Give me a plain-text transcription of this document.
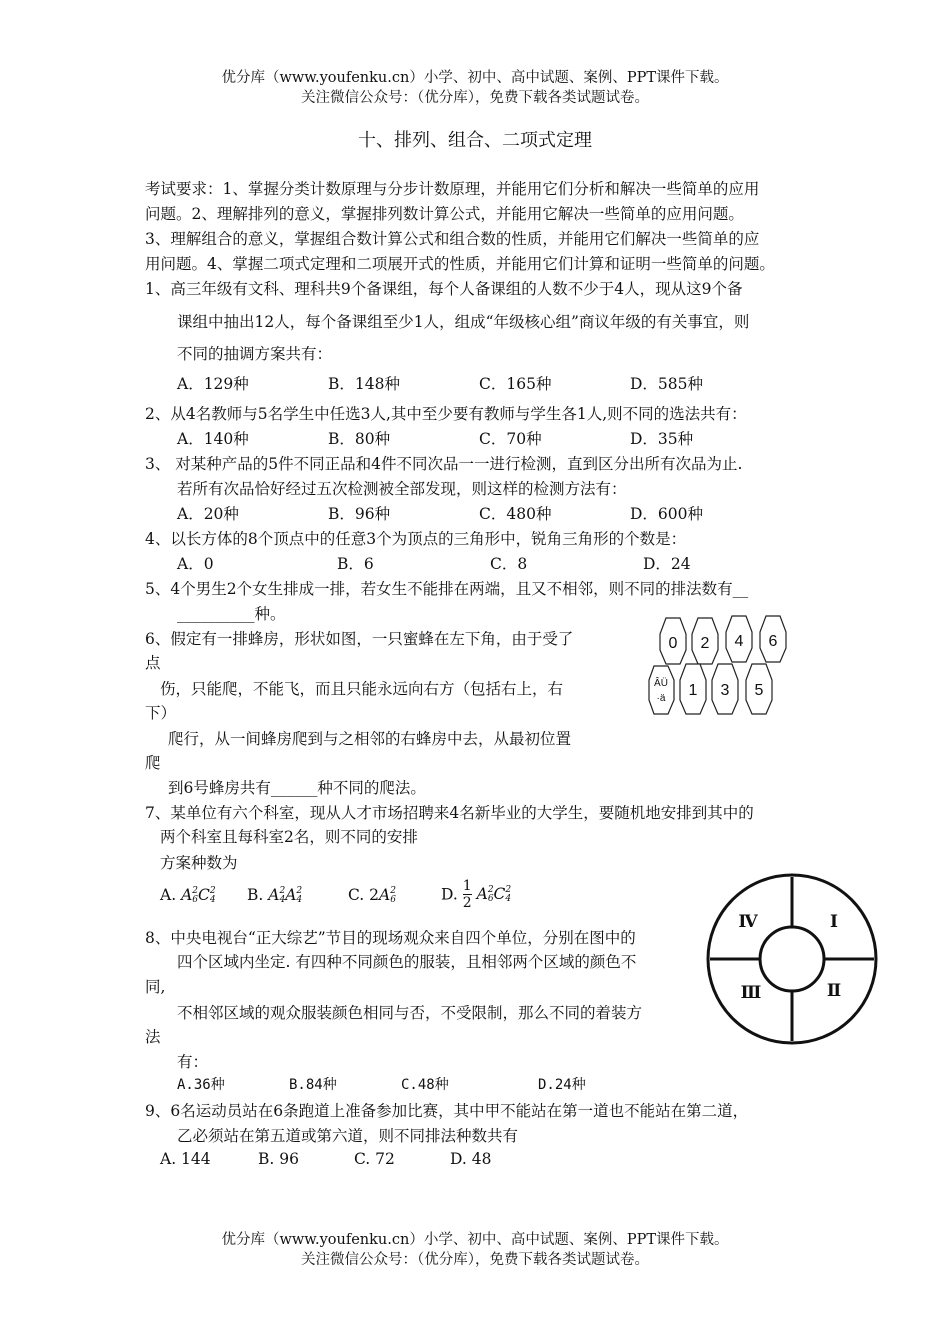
优分库（www.youfenku.cn）小学、初中、高中试题、案例、PPT课件下载。
关注微信公众号：（优分库），免费下载各类试题试卷。
十、排列、组合、二项式定理
考试要求：1、掌握分类计数原理与分步计数原理，并能用它们分析和解决一些简单的应用
问题。2、理解排列的意义，掌握排列数计算公式，并能用它解决一些简单的应用问题。
3、理解组合的意义，掌握组合数计算公式和组合数的性质，并能用它们解决一些简单的应
用问题。4、掌握二项式定理和二项展开式的性质，并能用它们计算和证明一些简单的问题。
1、高三年级有文科、理科共9个备课组，每个人备课组的人数不少于4人，现从这9个备
课组中抽出12人，每个备课组至少1人，组成“年级核心组”商议年级的有关事宜，则
不同的抽调方案共有：
A．129种	B．148种	C．165种	D．585种
2、从4名教师与5名学生中任选3人,其中至少要有教师与学生各1人,则不同的选法共有：
A．140种	B．80种	C．70种	D．35种
3、 对某种产品的5件不同正品和4件不同次品一一进行检测，直到区分出所有次品为止.
若所有次品恰好经过五次检测被全部发现，则这样的检测方法有：
A．20种	B．96种	C．480种	D．600种
4、以长方体的8个顶点中的任意3个为顶点的三角形中，锐角三角形的个数是：
A．0	B．6	C．8	D．24
5、4个男生2个女生排成一排，若女生不能排在两端，且又不相邻，则不同的排法数有__
__________种。
6、假定有一排蜂房，形状如图，一只蜜蜂在左下角，由于受了
点
伤，只能爬，不能飞，而且只能永远向右方（包括右上，右
下）
爬行，从一间蜂房爬到与之相邻的右蜂房中去，从最初位置
爬
到6号蜂房共有______种不同的爬法。
0 2 4 6
1 3 5
ÂÜ
·ä
7、某单位有六个科室，现从人才市场招聘来4名新毕业的大学生，要随机地安排到其中的
两个科室且每科室2名，则不同的安排
方案种数为
A. A 2
6 C 2
4 B. A 2
4 A 2
4	C. 2A 2
6	D. $\frac{1}{2}$ A 2
6 C 2
4
8、中央电视台“正大综艺”节目的现场观众来自四个单位，分别在图中的
四个区域内坐定. 有四种不同颜色的服装，且相邻两个区域的颜色不
同,
不相邻区域的观众服装颜色相同与否，不受限制，那么不同的着装方
法
有：
A.36种	B.84种	C.48种	D.24种
Ⅳ	Ⅰ
Ⅲ	Ⅱ
9、6名运动员站在6条跑道上准备参加比赛，其中甲不能站在第一道也不能站在第二道，
乙必须站在第五道或第六道，则不同排法种数共有
A. 144	B. 96	C. 72	D. 48
优分库（www.youfenku.cn）小学、初中、高中试题、案例、PPT课件下载。
关注微信公众号：（优分库），免费下载各类试题试卷。
